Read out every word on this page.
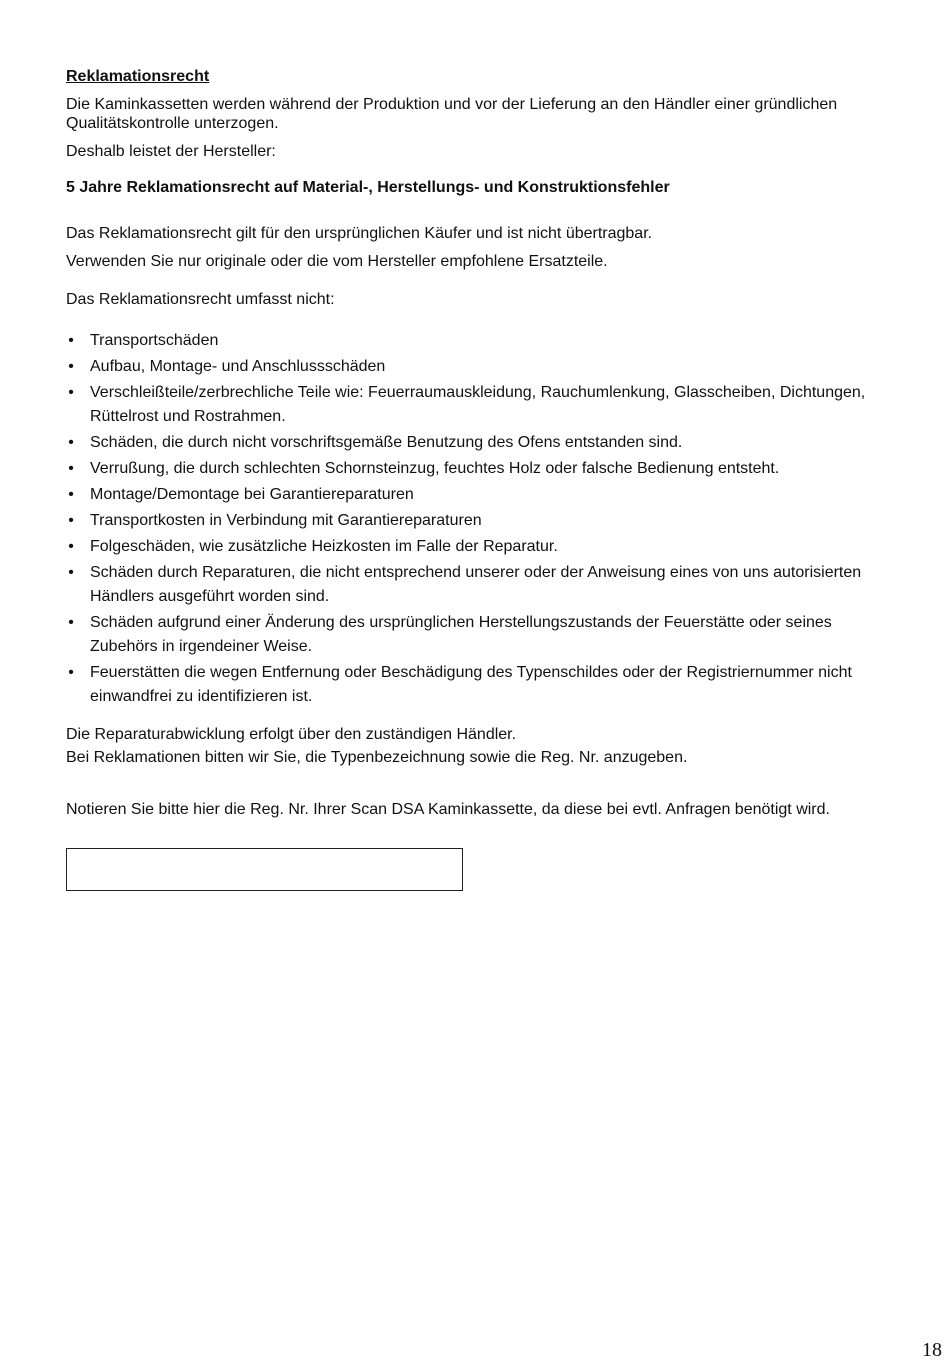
Reklamationsrecht

Die Kaminkassetten werden während der Produktion und vor der Lieferung an den Händler einer gründlichen Qualitätskontrolle unterzogen.

Deshalb leistet der Hersteller:

5 Jahre Reklamationsrecht auf Material-, Herstellungs- und Konstruktionsfehler

Das Reklamationsrecht gilt für den ursprünglichen Käufer und ist nicht übertragbar.

Verwenden Sie nur originale oder die vom Hersteller empfohlene Ersatzteile.

Das Reklamationsrecht umfasst nicht:

• Transportschäden
• Aufbau, Montage- und Anschlussschäden
• Verschleißteile/zerbrechliche Teile wie: Feuerraumauskleidung, Rauchumlenkung, Glasscheiben, Dichtungen, Rüttelrost und Rostrahmen.
• Schäden, die durch nicht vorschriftsgemäße Benutzung des Ofens entstanden sind.
• Verrußung, die durch schlechten Schornsteinzug, feuchtes Holz oder falsche Bedienung entsteht.
• Montage/Demontage bei Garantiereparaturen
• Transportkosten in Verbindung mit Garantiereparaturen
• Folgeschäden, wie zusätzliche Heizkosten im Falle der Reparatur.
• Schäden durch Reparaturen, die nicht entsprechend unserer oder der Anweisung eines von uns autorisierten Händlers ausgeführt worden sind.
• Schäden aufgrund einer Änderung des ursprünglichen Herstellungszustands der Feuerstätte oder seines Zubehörs in irgendeiner Weise.
• Feuerstätten die wegen Entfernung oder Beschädigung des Typenschildes oder der Registriernummer nicht einwandfrei zu identifizieren ist.

Die Reparaturabwicklung erfolgt über den zuständigen Händler.

Bei Reklamationen bitten wir Sie, die Typenbezeichnung sowie die Reg. Nr. anzugeben.

Notieren Sie bitte hier die Reg. Nr. Ihrer Scan DSA Kaminkassette, da diese bei evtl. Anfragen benötigt wird.

18
